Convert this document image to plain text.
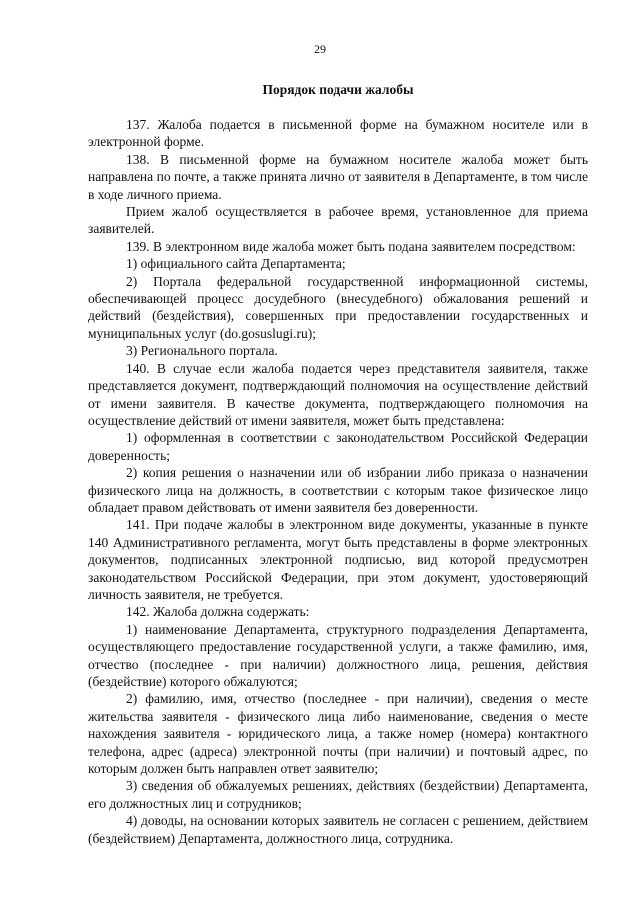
29
Порядок подачи жалобы

137. Жалоба подается в письменной форме на бумажном носителе или в электронной форме.

138. В письменной форме на бумажном носителе жалоба может быть направлена по почте, а также принята лично от заявителя в Департаменте, в том числе в ходе личного приема.

Прием жалоб осуществляется в рабочее время, установленное для приема заявителей.

139. В электронном виде жалоба может быть подана заявителем посредством:

1) официального сайта Департамента;

2) Портала федеральной государственной информационной системы, обеспечивающей процесс досудебного (внесудебного) обжалования решений и действий (бездействия), совершенных при предоставлении государственных и муниципальных услуг (do.gosuslugi.ru);

3) Регионального портала.

140. В случае если жалоба подается через представителя заявителя, также представляется документ, подтверждающий полномочия на осуществление действий от имени заявителя. В качестве документа, подтверждающего полномочия на осуществление действий от имени заявителя, может быть представлена:

1) оформленная в соответствии с законодательством Российской Федерации доверенность;

2) копия решения о назначении или об избрании либо приказа о назначении физического лица на должность, в соответствии с которым такое физическое лицо обладает правом действовать от имени заявителя без доверенности.

141. При подаче жалобы в электронном виде документы, указанные в пункте 140 Административного регламента, могут быть представлены в форме электронных документов, подписанных электронной подписью, вид которой предусмотрен законодательством Российской Федерации, при этом документ, удостоверяющий личность заявителя, не требуется.

142. Жалоба должна содержать:

1) наименование Департамента, структурного подразделения Департамента, осуществляющего предоставление государственной услуги, а также фамилию, имя, отчество (последнее - при наличии) должностного лица, решения, действия (бездействие) которого обжалуются;

2) фамилию, имя, отчество (последнее - при наличии), сведения о месте жительства заявителя - физического лица либо наименование, сведения о месте нахождения заявителя - юридического лица, а также номер (номера) контактного телефона, адрес (адреса) электронной почты (при наличии) и почтовый адрес, по которым должен быть направлен ответ заявителю;

3) сведения об обжалуемых решениях, действиях (бездействии) Департамента, его должностных лиц и сотрудников;

4) доводы, на основании которых заявитель не согласен с решением, действием (бездействием) Департамента, должностного лица, сотрудника.
